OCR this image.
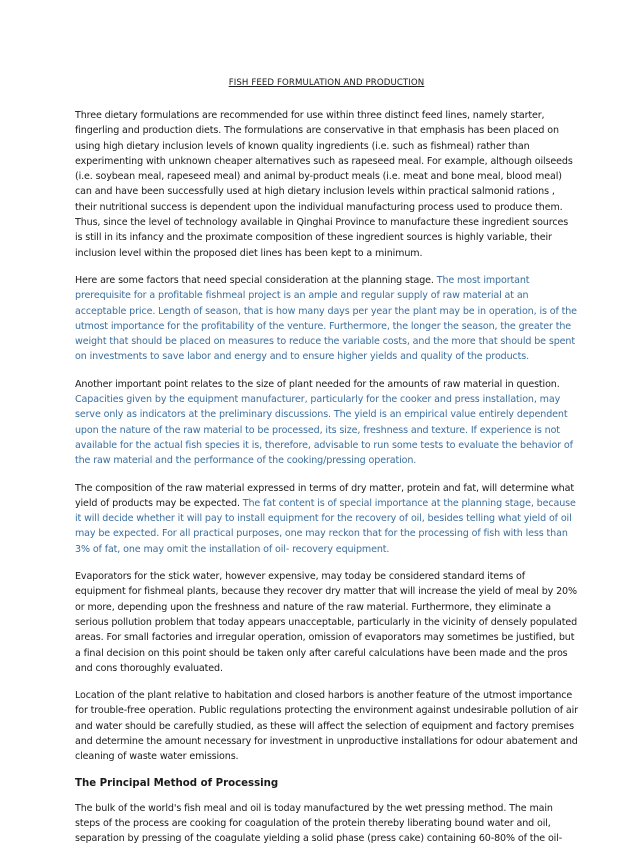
FISH FEED FORMULATION AND PRODUCTION

Three dietary formulations are recommended for use within three distinct feed lines, namely starter, fingerling and production diets. The formulations are conservative in that emphasis has been placed on using high dietary inclusion levels of known quality ingredients (i.e. such as fishmeal) rather than experimenting with unknown cheaper alternatives such as rapeseed meal. For example, although oilseeds (i.e. soybean meal, rapeseed meal) and animal by-product meals (i.e. meat and bone meal, blood meal) can and have been successfully used at high dietary inclusion levels within practical salmonid rations , their nutritional success is dependent upon the individual manufacturing process used to produce them. Thus, since the level of technology available in Qinghai Province to manufacture these ingredient sources is still in its infancy and the proximate composition of these ingredient sources is highly variable, their inclusion level within the proposed diet lines has been kept to a minimum.

Here are some factors that need special consideration at the planning stage. The most important prerequisite for a profitable fishmeal project is an ample and regular supply of raw material at an acceptable price. Length of season, that is how many days per year the plant may be in operation, is of the utmost importance for the profitability of the venture. Furthermore, the longer the season, the greater the weight that should be placed on measures to reduce the variable costs, and the more that should be spent on investments to save labor and energy and to ensure higher yields and quality of the products.

Another important point relates to the size of plant needed for the amounts of raw material in question. Capacities given by the equipment manufacturer, particularly for the cooker and press installation, may serve only as indicators at the preliminary discussions. The yield is an empirical value entirely dependent upon the nature of the raw material to be processed, its size, freshness and texture. If experience is not available for the actual fish species it is, therefore, advisable to run some tests to evaluate the behavior of the raw material and the performance of the cooking/pressing operation.

The composition of the raw material expressed in terms of dry matter, protein and fat, will determine what yield of products may be expected. The fat content is of special importance at the planning stage, because it will decide whether it will pay to install equipment for the recovery of oil, besides telling what yield of oil may be expected. For all practical purposes, one may reckon that for the processing of fish with less than 3% of fat, one may omit the installation of oil- recovery equipment.

Evaporators for the stick water, however expensive, may today be considered standard items of equipment for fishmeal plants, because they recover dry matter that will increase the yield of meal by 20% or more, depending upon the freshness and nature of the raw material. Furthermore, they eliminate a serious pollution problem that today appears unacceptable, particularly in the vicinity of densely populated areas. For small factories and irregular operation, omission of evaporators may sometimes be justified, but a final decision on this point should be taken only after careful calculations have been made and the pros and cons thoroughly evaluated.

Location of the plant relative to habitation and closed harbors is another feature of the utmost importance for trouble-free operation. Public regulations protecting the environment against undesirable pollution of air and water should be carefully studied, as these will affect the selection of equipment and factory premises and determine the amount necessary for investment in unproductive installations for odour abatement and cleaning of waste water emissions.

The Principal Method of Processing

The bulk of the world's fish meal and oil is today manufactured by the wet pressing method. The main steps of the process are cooking for coagulation of the protein thereby liberating bound water and oil, separation by pressing of the coagulate yielding a solid phase (press cake) containing 60-80% of the oil-
